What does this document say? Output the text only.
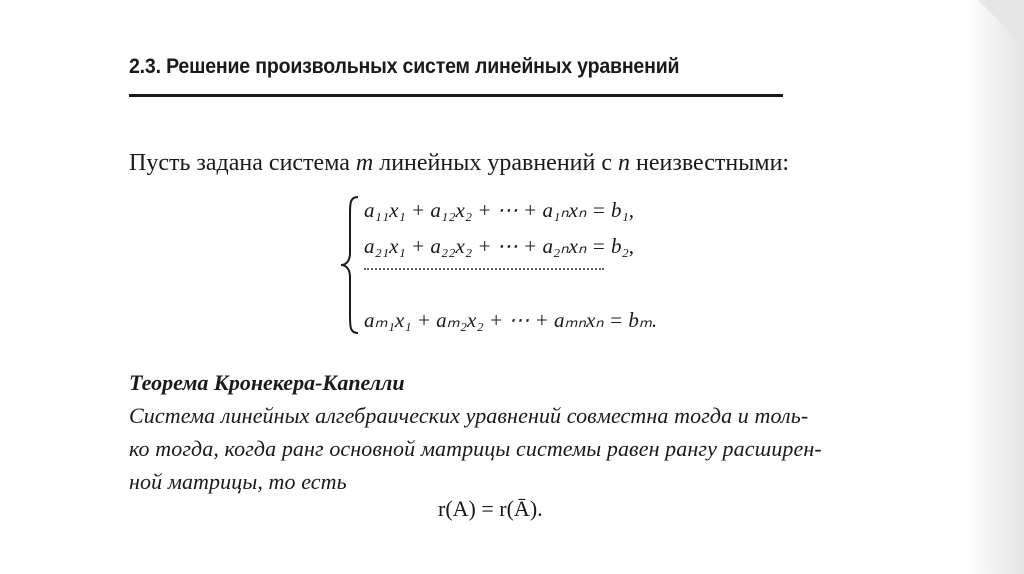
2.3. Решение произвольных систем линейных уравнений
Пусть задана система m линейных уравнений с n неизвестными:
a₁₁x₁ + a₁₂x₂ + ⋯ + a₁ₙxₙ = b₁,
a₂₁x₁ + a₂₂x₂ + ⋯ + a₂ₙxₙ = b₂,
aₘ₁x₁ + aₘ₂x₂ + ⋯ + aₘₙxₙ = bₘ.
Теорема Кронекера-Капелли
Система линейных алгебраических уравнений совместна тогда и толь-
ко тогда, когда ранг основной матрицы системы равен рангу расширен-
ной матрицы, то есть
r(A) = r(Ā).
